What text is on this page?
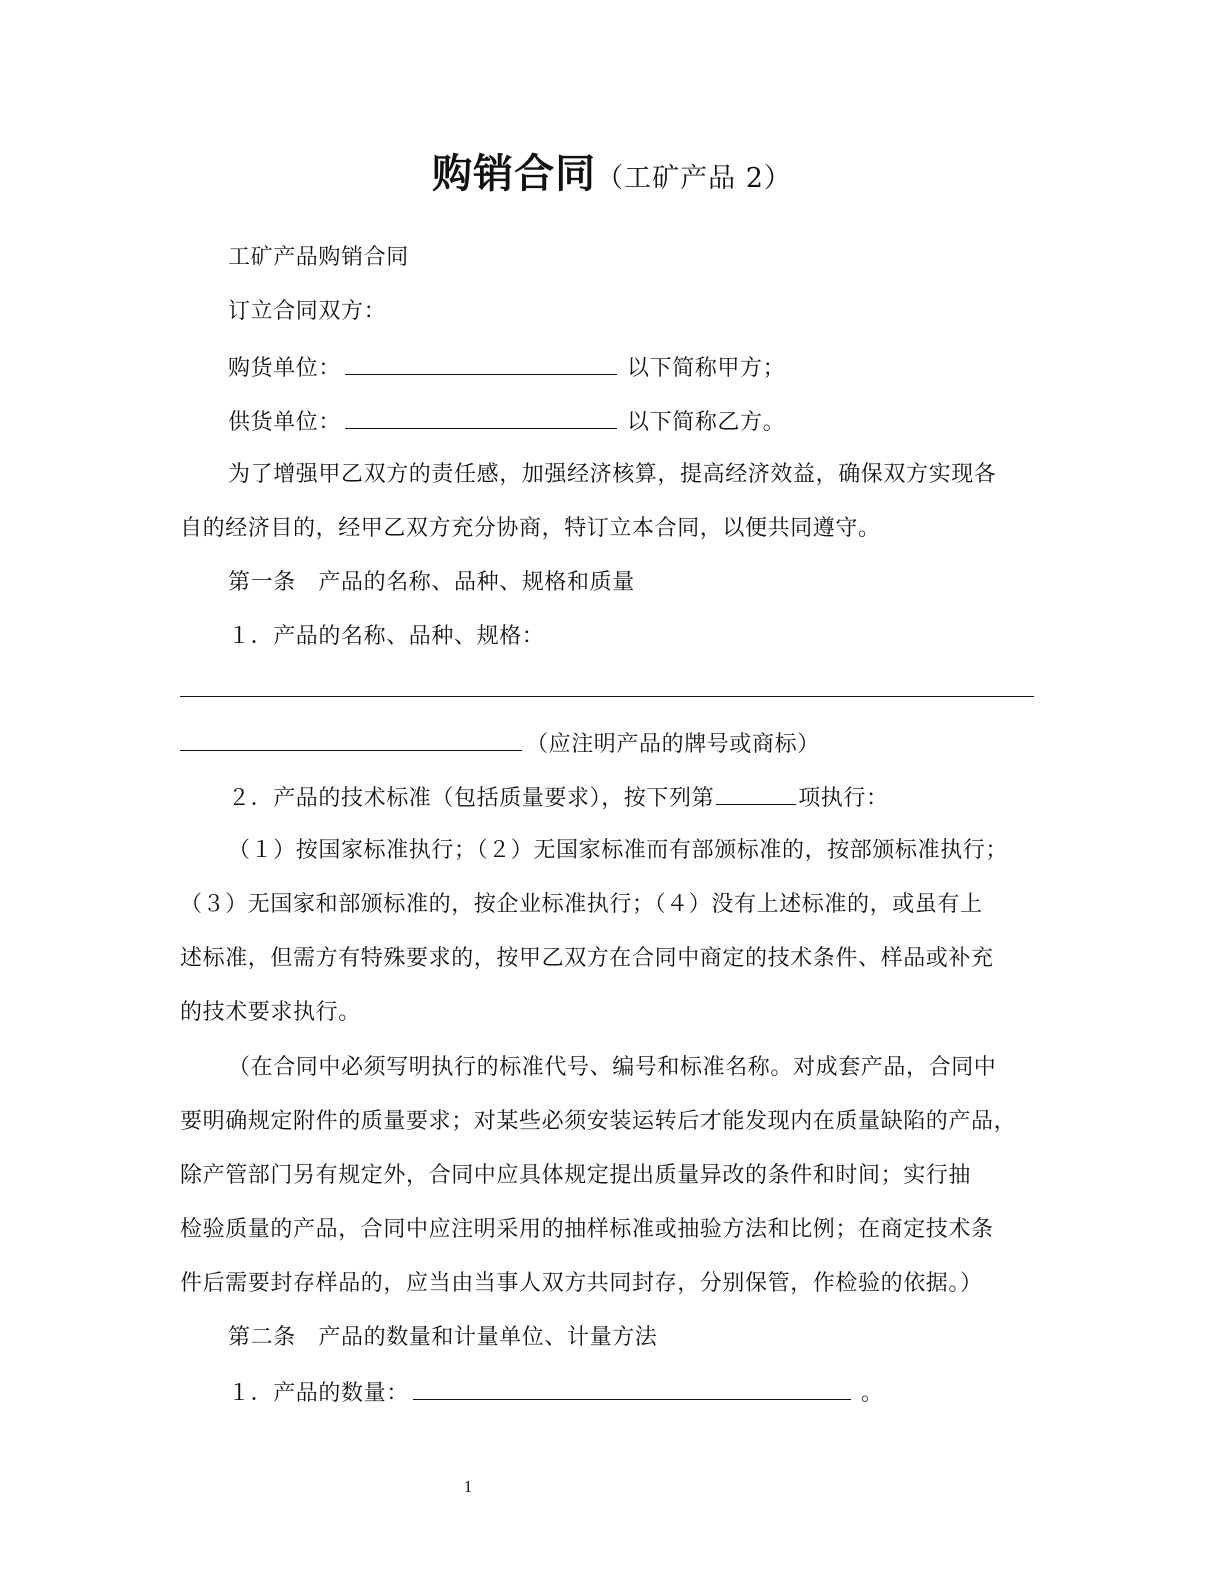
购销合同（工矿产品 2）
工矿产品购销合同
订立合同双方：
购货单位：	以下简称甲方；
供货单位：	以下简称乙方。
为了增强甲乙双方的责任感，加强经济核算，提高经济效益，确保双方实现各
自的经济目的，经甲乙双方充分协商，特订立本合同，以便共同遵守。
第一条　产品的名称、品种、规格和质量
１．产品的名称、品种、规格：
（应注明产品的牌号或商标）
２．产品的技术标准（包括质量要求），按下列第	项执行：
（１）按国家标准执行；（２）无国家标准而有部颁标准的，按部颁标准执行；
（３）无国家和部颁标准的，按企业标准执行；（４）没有上述标准的，或虽有上
述标准，但需方有特殊要求的，按甲乙双方在合同中商定的技术条件、样品或补充
的技术要求执行。
（在合同中必须写明执行的标准代号、编号和标准名称。对成套产品，合同中
要明确规定附件的质量要求；对某些必须安装运转后才能发现内在质量缺陷的产品，
除产管部门另有规定外，合同中应具体规定提出质量异改的条件和时间；实行抽
检验质量的产品，合同中应注明采用的抽样标准或抽验方法和比例；在商定技术条
件后需要封存样品的，应当由当事人双方共同封存，分别保管，作检验的依据。）
第二条　产品的数量和计量单位、计量方法
１．产品的数量：	。
1
